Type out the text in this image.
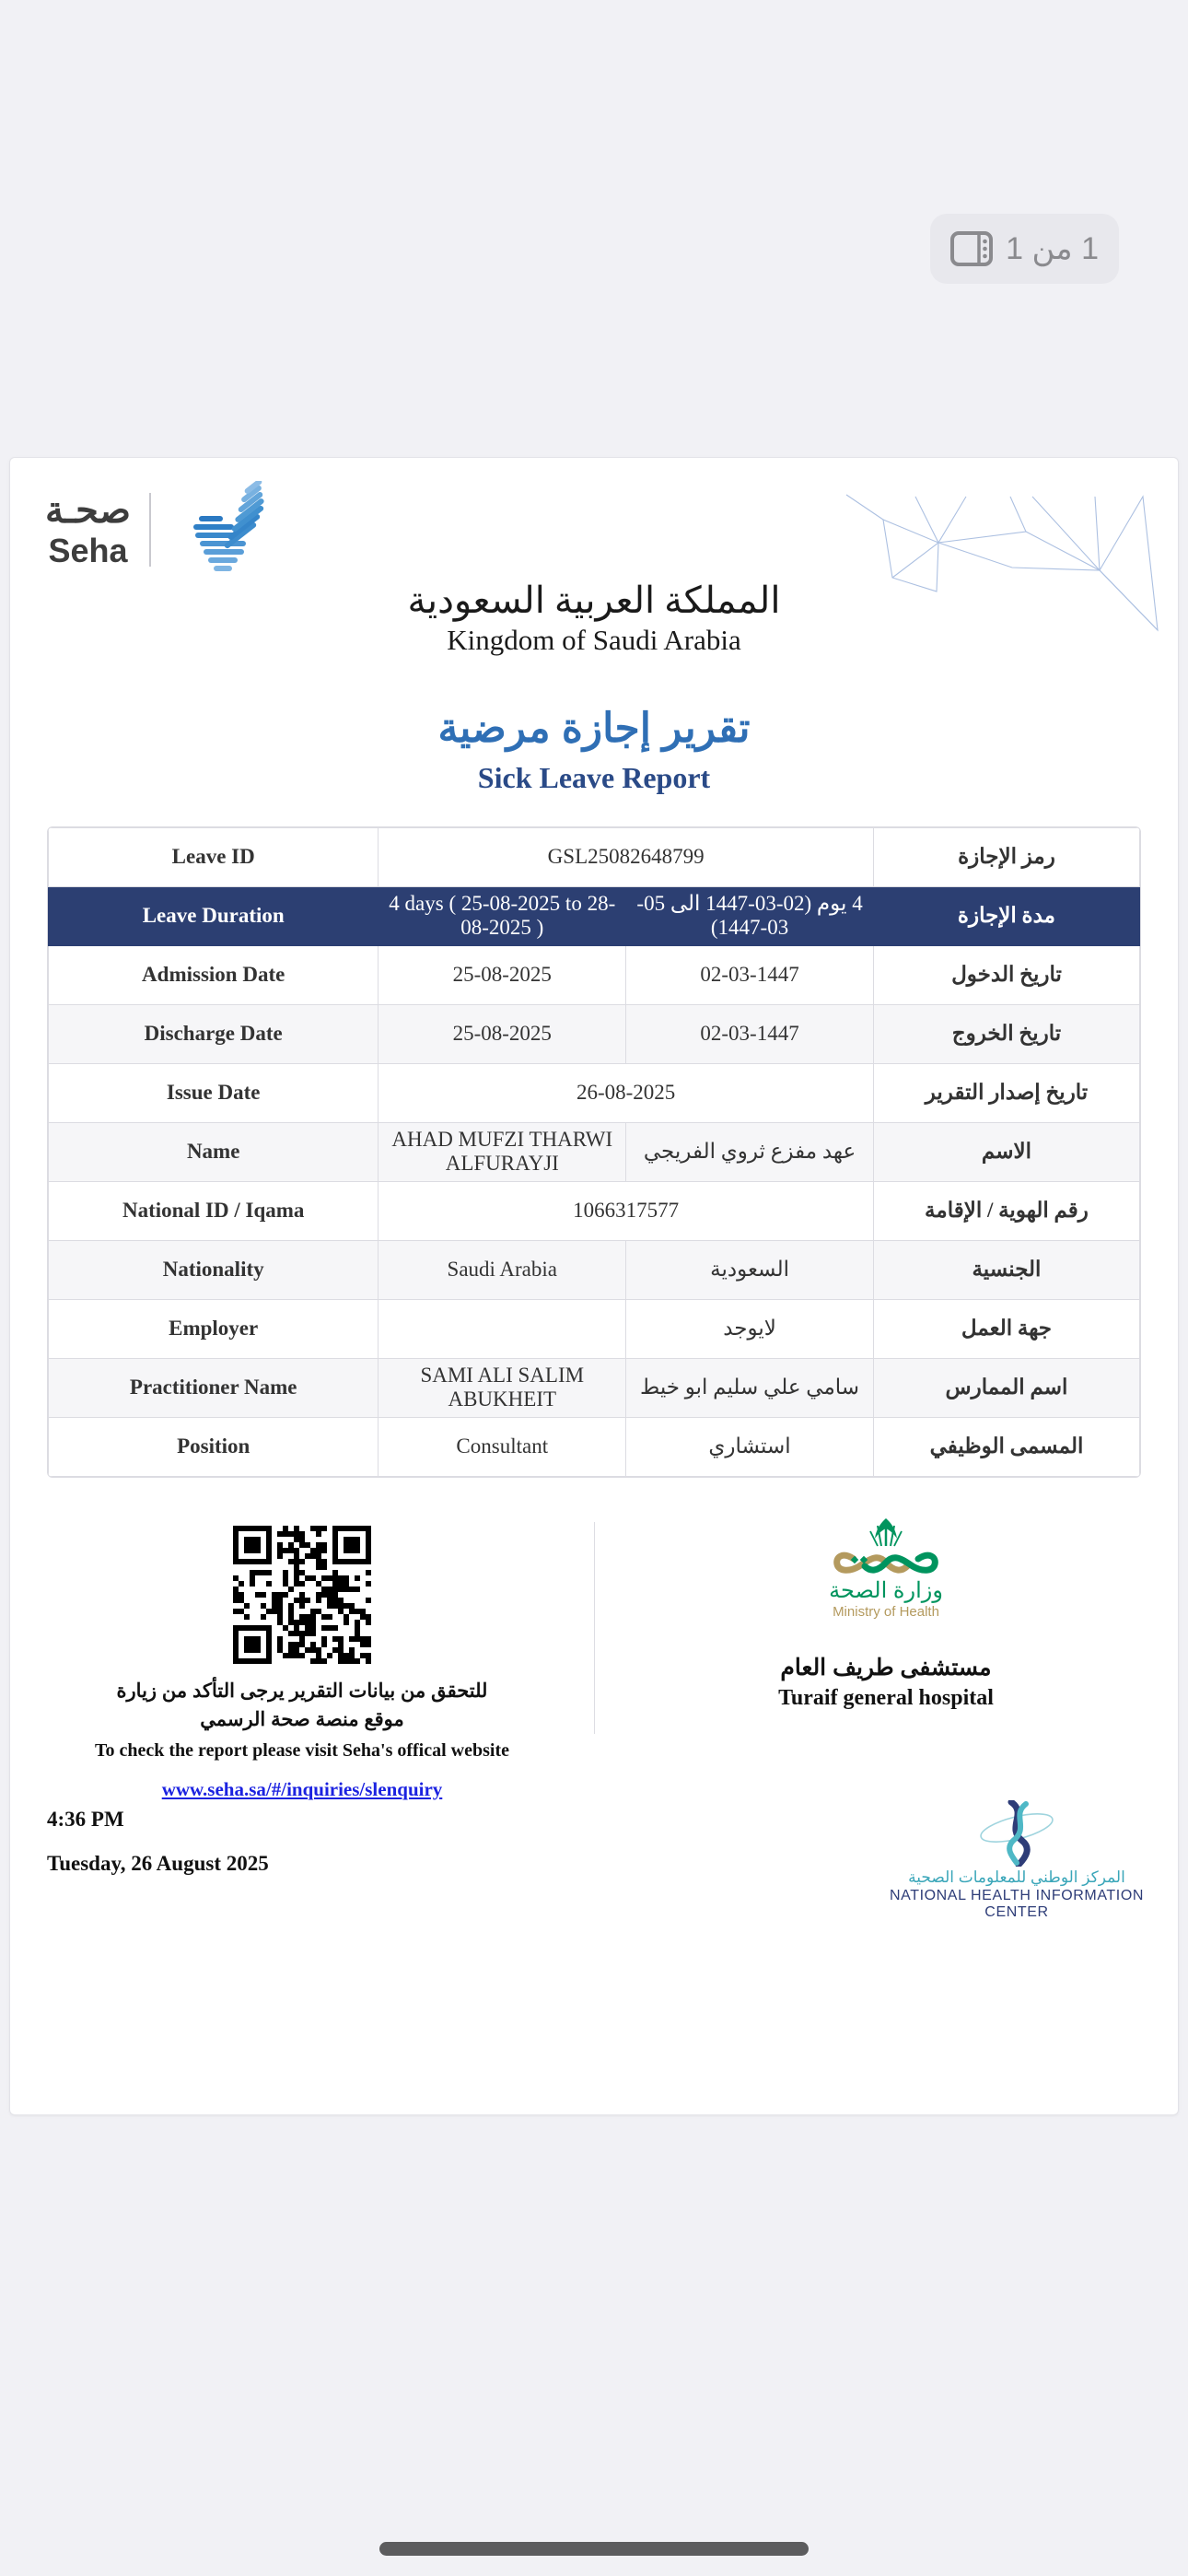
1 من 1
صحـة
Seha
المملكة العربية السعودية
Kingdom of Saudi Arabia
تقرير إجازة مرضية
Sick Leave Report
Leave ID	GSL25082648799		رمز الإجازة
Leave Duration	4 days ( 25-08-2025 to 28-08-2025 )	4 يوم (02-03-1447 الى 05-03-1447)	مدة الإجازة
Admission Date	25-08-2025	02-03-1447	تاريخ الدخول
Discharge Date	25-08-2025	02-03-1447	تاريخ الخروج
Issue Date	26-08-2025		تاريخ إصدار التقرير
Name	AHAD MUFZI THARWI ALFURAYJI	عهد مفزع ثروي الفريجي	الاسم
National ID / Iqama	1066317577		رقم الهوية / الإقامة
Nationality	Saudi Arabia	السعودية	الجنسية
Employer		لايوجد	جهة العمل
Practitioner Name	SAMI ALI SALIM ABUKHEIT	سامي علي سليم ابو خيط	اسم الممارس
Position	Consultant	استشاري	المسمى الوظيفي
للتحقق من بيانات التقرير يرجى التأكد من زيارة موقع منصة صحة الرسمي
To check the report please visit Seha's offical website
www.seha.sa/#/inquiries/slenquiry
وزارة الصحة
Ministry of Health
مستشفى طريف العام
Turaif general hospital
4:36 PM
Tuesday, 26 August 2025
المركز الوطني للمعلومات الصحية
NATIONAL HEALTH INFORMATION CENTER
